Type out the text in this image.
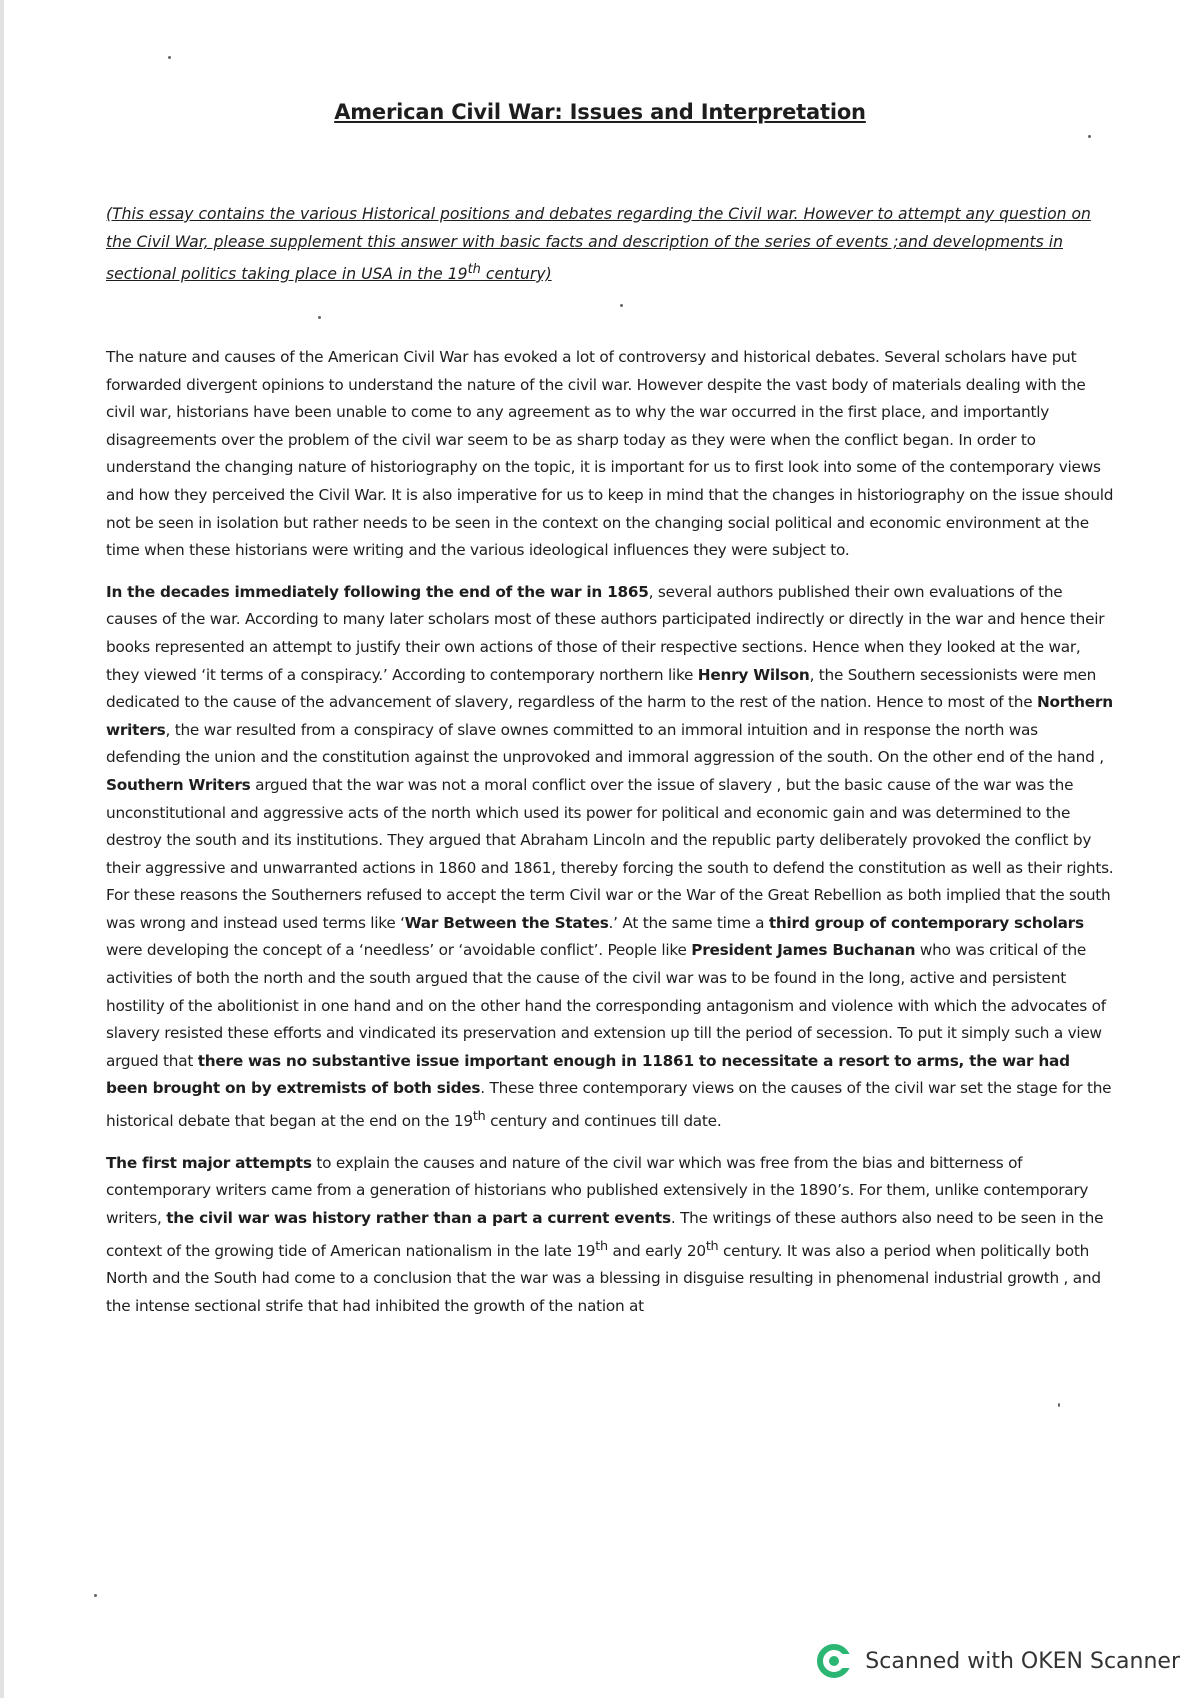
American Civil War: Issues and Interpretation

(This essay contains the various Historical positions and debates regarding the Civil war. However to attempt any question on the Civil War, please supplement this answer with basic facts and description of the series of events ;and developments in sectional politics taking place in USA in the 19th century)

The nature and causes of the American Civil War has evoked a lot of controversy and historical debates. Several scholars have put forwarded divergent opinions to understand the nature of the civil war. However despite the vast body of materials dealing with the civil war, historians have been unable to come to any agreement as to why the war occurred in the first place, and importantly disagreements over the problem of the civil war seem to be as sharp today as they were when the conflict began. In order to understand the changing nature of historiography on the topic, it is important for us to first look into some of the contemporary views and how they perceived the Civil War. It is also imperative for us to keep in mind that the changes in historiography on the issue should not be seen in isolation but rather needs to be seen in the context on the changing social political and economic environment at the time when these historians were writing and the various ideological influences they were subject to.

In the decades immediately following the end of the war in 1865, several authors published their own evaluations of the causes of the war. According to many later scholars most of these authors participated indirectly or directly in the war and hence their books represented an attempt to justify their own actions of those of their respective sections. Hence when they looked at the war, they viewed ‘it terms of a conspiracy.’ According to contemporary northern like Henry Wilson, the Southern secessionists were men dedicated to the cause of the advancement of slavery, regardless of the harm to the rest of the nation. Hence to most of the Northern writers, the war resulted from a conspiracy of slave ownes committed to an immoral intuition and in response the north was defending the union and the constitution against the unprovoked and immoral aggression of the south. On the other end of the hand , Southern Writers argued that the war was not a moral conflict over the issue of slavery , but the basic cause of the war was the unconstitutional and aggressive acts of the north which used its power for political and economic gain and was determined to the destroy the south and its institutions. They argued that Abraham Lincoln and the republic party deliberately provoked the conflict by their aggressive and unwarranted actions in 1860 and 1861, thereby forcing the south to defend the constitution as well as their rights. For these reasons the Southerners refused to accept the term Civil war or the War of the Great Rebellion as both implied that the south was wrong and instead used terms like ‘War Between the States.’ At the same time a third group of contemporary scholars were developing the concept of a ‘needless’ or ‘avoidable conflict’. People like President James Buchanan who was critical of the activities of both the north and the south argued that the cause of the civil war was to be found in the long, active and persistent hostility of the abolitionist in one hand and on the other hand the corresponding antagonism and violence with which the advocates of slavery resisted these efforts and vindicated its preservation and extension up till the period of secession. To put it simply such a view argued that there was no substantive issue important enough in 11861 to necessitate a resort to arms, the war had been brought on by extremists of both sides. These three contemporary views on the causes of the civil war set the stage for the historical debate that began at the end on the 19th century and continues till date.

The first major attempts to explain the causes and nature of the civil war which was free from the bias and bitterness of contemporary writers came from a generation of historians who published extensively in the 1890’s. For them, unlike contemporary writers, the civil war was history rather than a part a current events. The writings of these authors also need to be seen in the context of the growing tide of American nationalism in the late 19th and early 20th century. It was also a period when politically both North and the South had come to a conclusion that the war was a blessing in disguise resulting in phenomenal industrial growth , and the intense sectional strife that had inhibited the growth of the nation at

Scanned with OKEN Scanner
